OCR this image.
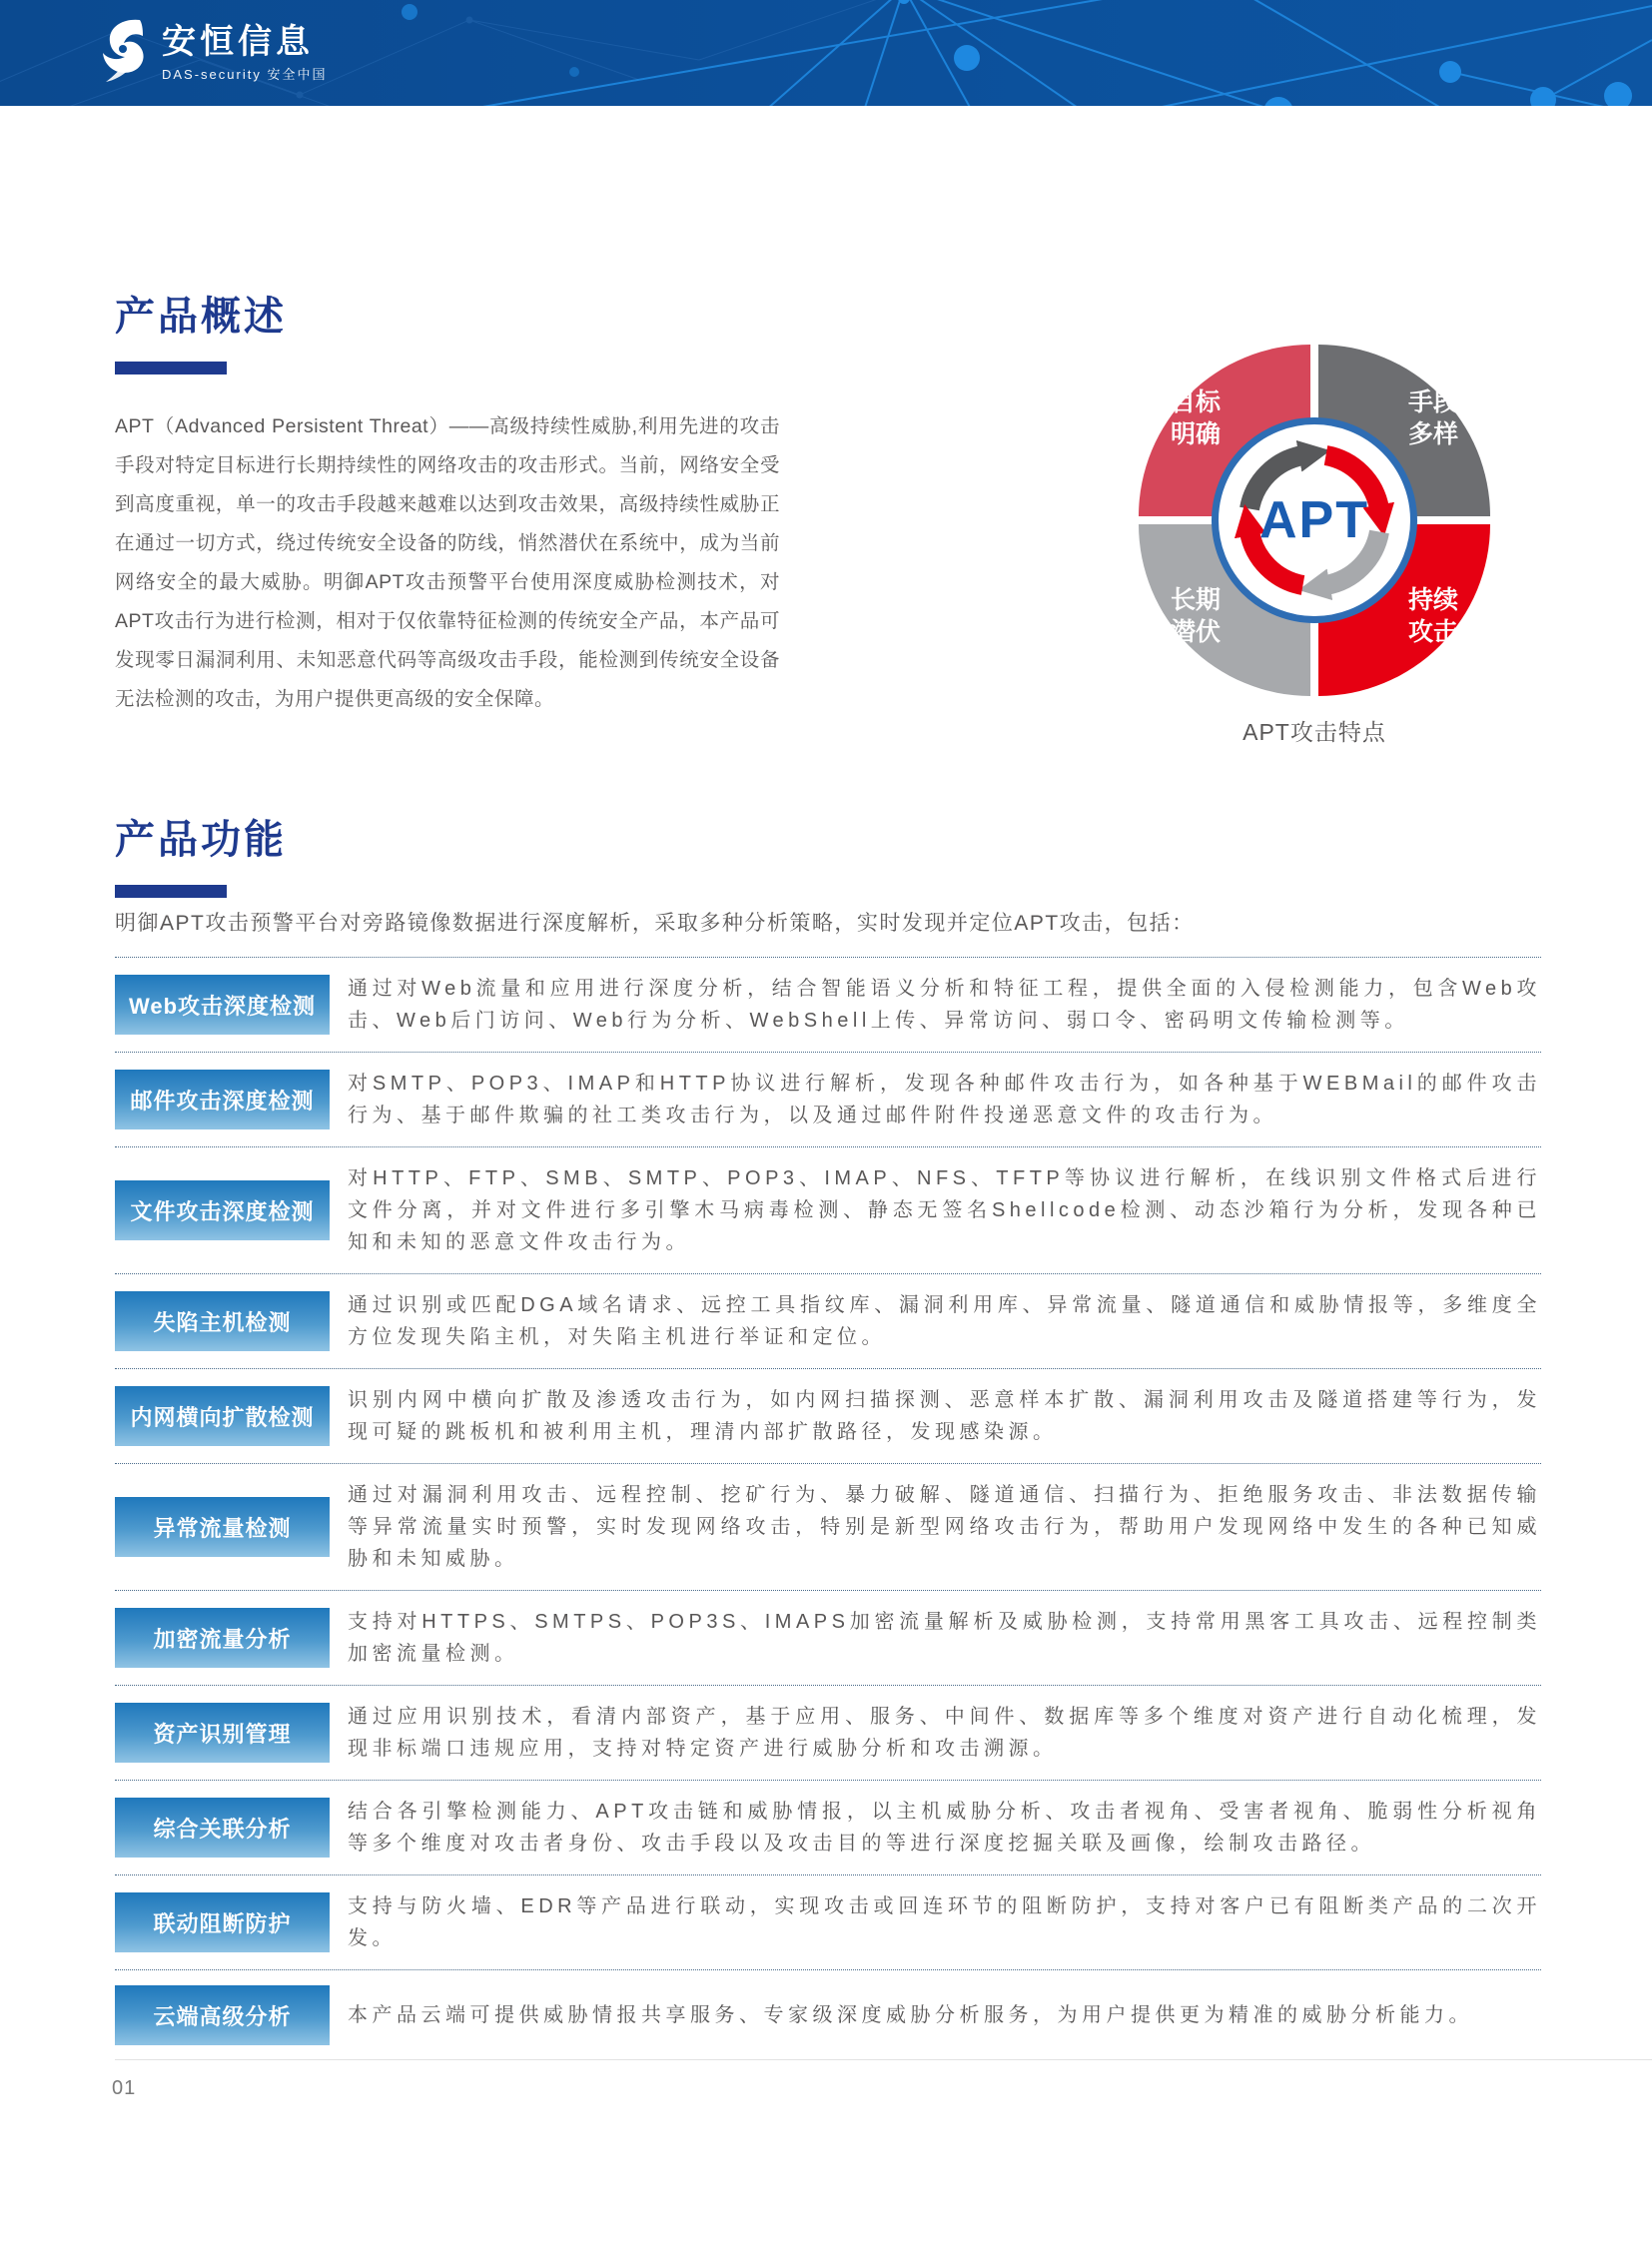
安恒信息
DAS-security 安全中国
产品概述

APT（Advanced Persistent Threat）——高级持续性威胁,利用先进的攻击手段对特定目标进行长期持续性的网络攻击的攻击形式。当前，网络安全受到高度重视，单一的攻击手段越来越难以达到攻击效果，高级持续性威胁正在通过一切方式，绕过传统安全设备的防线，悄然潜伏在系统中，成为当前网络安全的最大威胁。明御APT攻击预警平台使用深度威胁检测技术，对APT攻击行为进行检测，相对于仅依靠特征检测的传统安全产品，本产品可发现零日漏洞利用、未知恶意代码等高级攻击手段，能检测到传统安全设备无法检测的攻击，为用户提供更高级的安全保障。

目标
明确
手段
多样
长期
潜伏
持续
攻击
APT
APT攻击特点
产品功能

明御APT攻击预警平台对旁路镜像数据进行深度解析，采取多种分析策略，实时发现并定位APT攻击，包括：

Web攻击深度检测
通过对Web流量和应用进行深度分析，结合智能语义分析和特征工程，提供全面的入侵检测能力，包含Web攻击、Web后门访问、Web行为分析、WebShell上传、异常访问、弱口令、密码明文传输检测等。
邮件攻击深度检测
对SMTP、POP3、IMAP和HTTP协议进行解析，发现各种邮件攻击行为，如各种基于WEBMail的邮件攻击行为、基于邮件欺骗的社工类攻击行为，以及通过邮件附件投递恶意文件的攻击行为。
文件攻击深度检测
对HTTP、FTP、SMB、SMTP、POP3、IMAP、NFS、TFTP等协议进行解析，在线识别文件格式后进行文件分离，并对文件进行多引擎木马病毒检测、静态无签名Shellcode检测、动态沙箱行为分析，发现各种已知和未知的恶意文件攻击行为。
失陷主机检测
通过识别或匹配DGA域名请求、远控工具指纹库、漏洞利用库、异常流量、隧道通信和威胁情报等，多维度全方位发现失陷主机，对失陷主机进行举证和定位。
内网横向扩散检测
识别内网中横向扩散及渗透攻击行为，如内网扫描探测、恶意样本扩散、漏洞利用攻击及隧道搭建等行为，发现可疑的跳板机和被利用主机，理清内部扩散路径，发现感染源。
异常流量检测
通过对漏洞利用攻击、远程控制、挖矿行为、暴力破解、隧道通信、扫描行为、拒绝服务攻击、非法数据传输等异常流量实时预警，实时发现网络攻击，特别是新型网络攻击行为，帮助用户发现网络中发生的各种已知威胁和未知威胁。
加密流量分析
支持对HTTPS、SMTPS、POP3S、IMAPS加密流量解析及威胁检测，支持常用黑客工具攻击、远程控制类加密流量检测。
资产识别管理
通过应用识别技术，看清内部资产，基于应用、服务、中间件、数据库等多个维度对资产进行自动化梳理，发现非标端口违规应用，支持对特定资产进行威胁分析和攻击溯源。
综合关联分析
结合各引擎检测能力、APT攻击链和威胁情报，以主机威胁分析、攻击者视角、受害者视角、脆弱性分析视角等多个维度对攻击者身份、攻击手段以及攻击目的等进行深度挖掘关联及画像，绘制攻击路径。
联动阻断防护
支持与防火墙、EDR等产品进行联动，实现攻击或回连环节的阻断防护，支持对客户已有阻断类产品的二次开发。
云端高级分析	本产品云端可提供威胁情报共享服务、专家级深度威胁分析服务，为用户提供更为精准的威胁分析能力。
01
